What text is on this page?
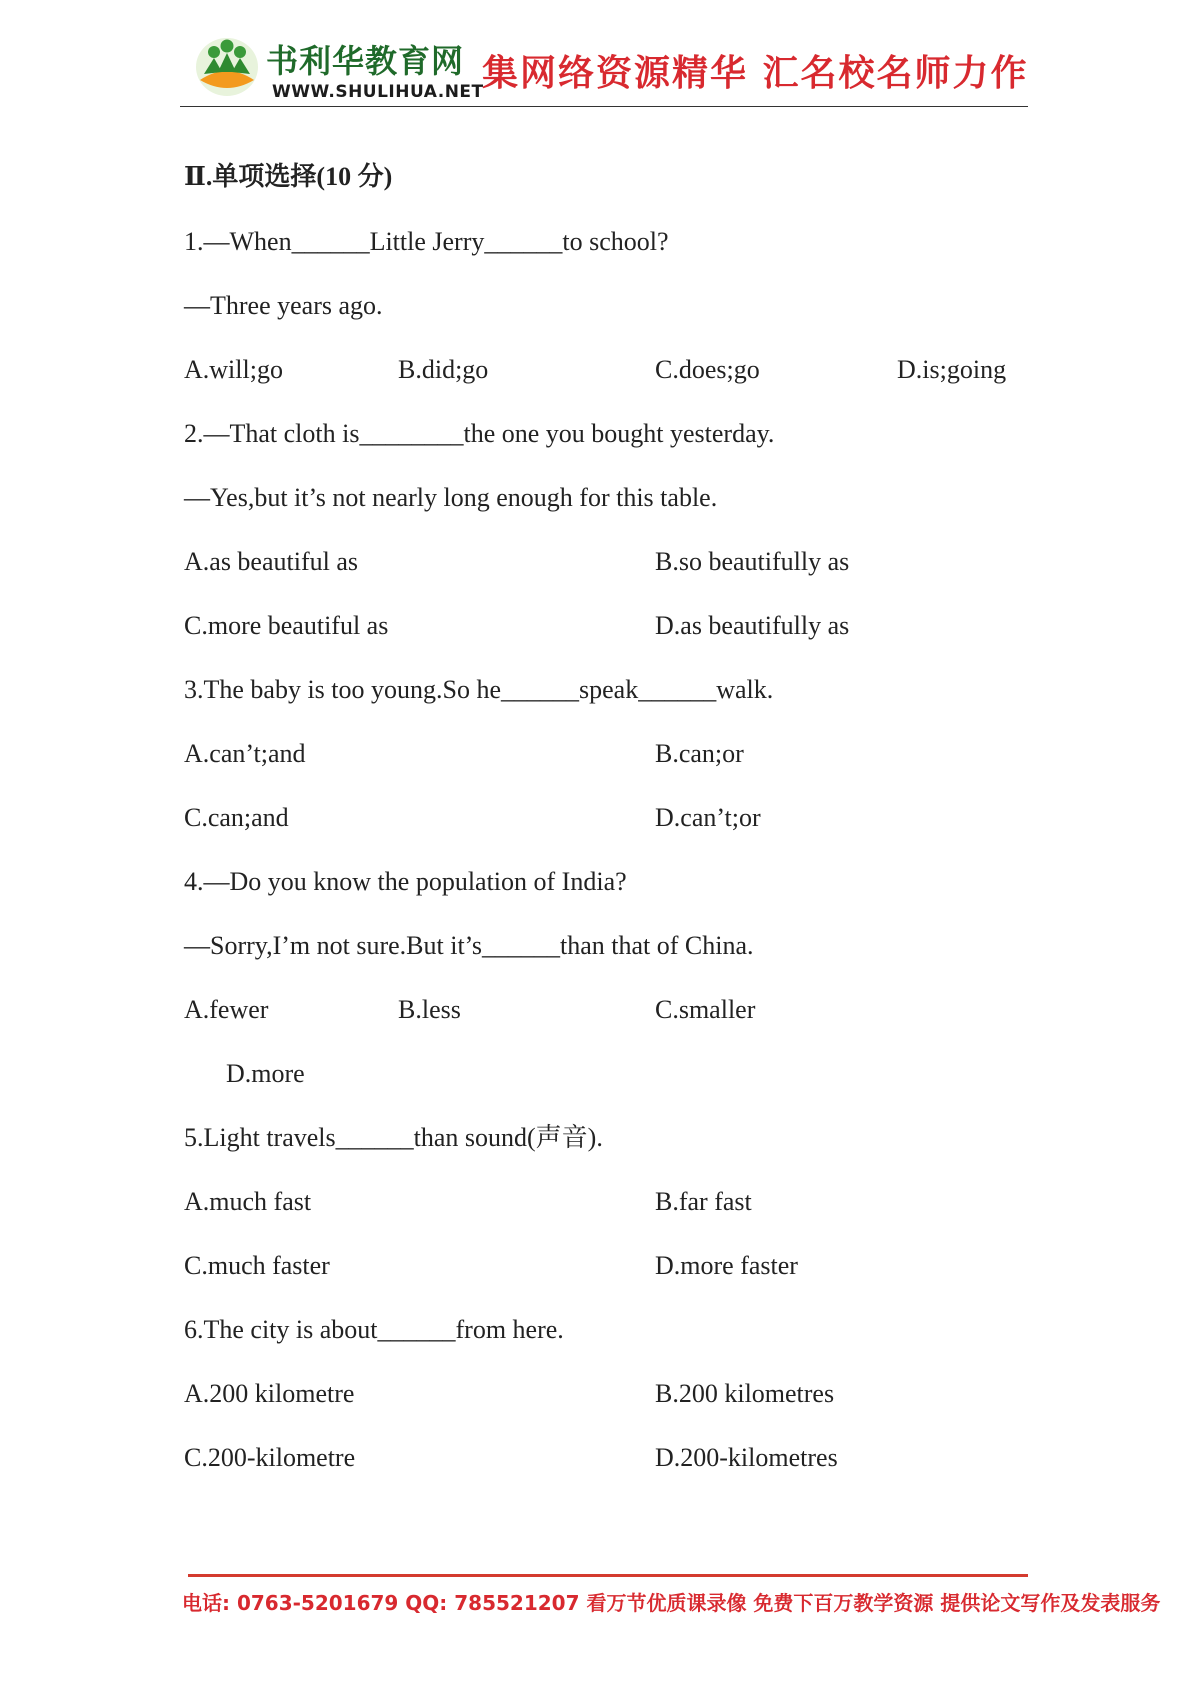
书利华教育网
WWW.SHULIHUA.NET
集网络资源精华 汇名校名师力作
Ⅱ.单项选择(10 分)
1.—When______Little Jerry______to school?
—Three years ago.
A.will;go	B.did;go	C.does;go	D.is;going
2.—That cloth is________the one you bought yesterday.
—Yes,but it’s not nearly long enough for this table.
A.as beautiful as	B.so beautifully as
C.more beautiful as	D.as beautifully as
3.The baby is too young.So he______speak______walk.
A.can’t;and	B.can;or
C.can;and	D.can’t;or
4.—Do you know the population of India?
—Sorry,I’m not sure.But it’s______than that of China.
A.fewer	B.less	C.smaller
D.more
5.Light travels______than sound(声音).
A.much fast	B.far fast
C.much faster	D.more faster
6.The city is about______from here.
A.200 kilometre	B.200 kilometres
C.200-kilometre	D.200-kilometres
电话: 0763-5201679 QQ: 785521207 看万节优质课录像 免费下百万教学资源 提供论文写作及发表服务
